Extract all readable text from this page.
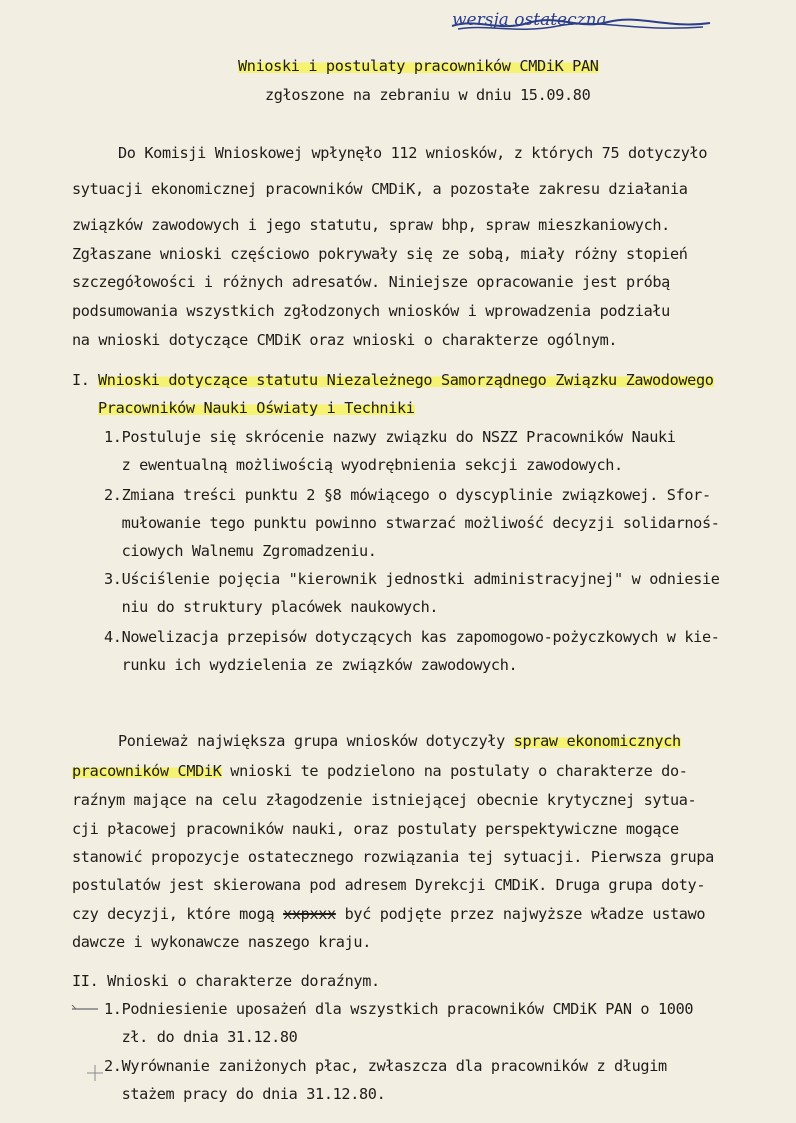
wersja ostateczna
Wnioski i postulaty pracowników CMDiK PAN
zgłoszone na zebraniu w dniu 15.09.80
Do Komisji Wnioskowej wpłynęło 112 wniosków, z których 75 dotyczyło
sytuacji ekonomicznej pracowników CMDiK, a pozostałe zakresu działania
związków zawodowych i jego statutu, spraw bhp, spraw mieszkaniowych.
Zgłaszane wnioski częściowo pokrywały się ze sobą, miały różny stopień
szczegółowości i różnych adresatów. Niniejsze opracowanie jest próbą
podsumowania wszystkich zgłodzonych wniosków i wprowadzenia podziału
na wnioski dotyczące CMDiK oraz wnioski o charakterze ogólnym.
I. Wnioski dotyczące statutu Niezależnego Samorządnego Związku Zawodowego
Pracowników Nauki Oświaty i Techniki
1.Postuluje się skrócenie nazwy związku do NSZZ Pracowników Nauki
z ewentualną możliwością wyodrębnienia sekcji zawodowych.
2.Zmiana treści punktu 2 §8 mówiącego o dyscyplinie związkowej. Sfor-
mułowanie tego punktu powinno stwarzać możliwość decyzji solidarnoś-
ciowych Walnemu Zgromadzeniu.
3.Uściślenie pojęcia "kierownik jednostki administracyjnej" w odniesie
niu do struktury placówek naukowych.
4.Nowelizacja przepisów dotyczących kas zapomogowo-pożyczkowych w kie-
runku ich wydzielenia ze związków zawodowych.
Ponieważ największa grupa wniosków dotyczyły spraw ekonomicznych
pracowników CMDiK wnioski te podzielono na postulaty o charakterze do-
raźnym mające na celu złagodzenie istniejącej obecnie krytycznej sytua-
cji płacowej pracowników nauki, oraz postulaty perspektywiczne mogące
stanowić propozycje ostatecznego rozwiązania tej sytuacji. Pierwsza grupa
postulatów jest skierowana pod adresem Dyrekcji CMDiK. Druga grupa doty-
czy decyzji, które mogą xxpxxx być podjęte przez najwyższe władze ustawo
dawcze i wykonawcze naszego kraju.
II. Wnioski o charakterze doraźnym.
1.Podniesienie uposażeń dla wszystkich pracowników CMDiK PAN o 1000
zł. do dnia 31.12.80
2.Wyrównanie zaniżonych płac, zwłaszcza dla pracowników z długim
stażem pracy do dnia 31.12.80.
